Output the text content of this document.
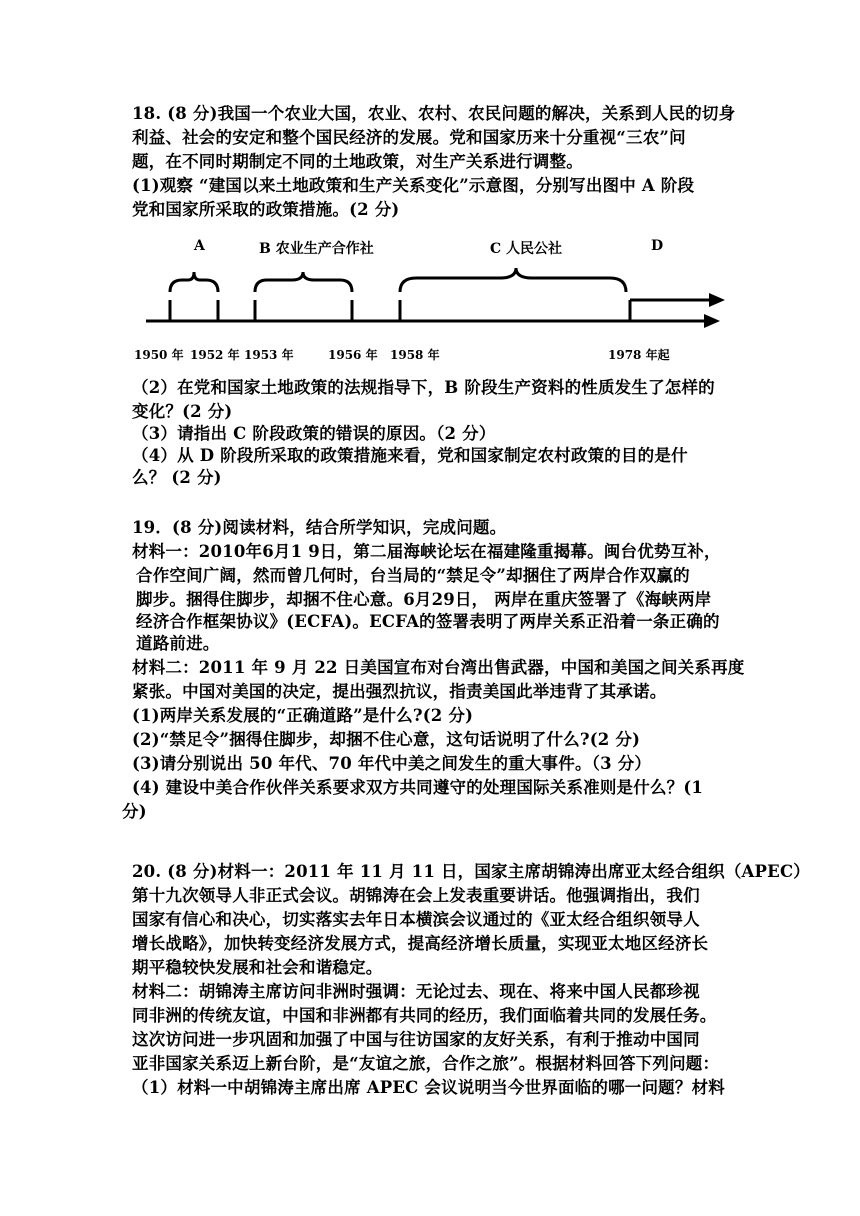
18. (8 分)我国一个农业大国，农业、农村、农民问题的解决，关系到人民的切身
利益、社会的安定和整个国民经济的发展。党和国家历来十分重视“三农”问
题，在不同时期制定不同的土地政策，对生产关系进行调整。
(1)观察 “建国以来土地政策和生产关系变化”示意图，分别写出图中 A 阶段
党和国家所采取的政策措施。(2 分)
A	B 农业生产合作社	C 人民公社	D
1950 年 1952 年 1953 年	1956 年 1958 年	1978 年起
（2）在党和国家土地政策的法规指导下，B 阶段生产资料的性质发生了怎样的
变化？(2 分)
（3）请指出 C 阶段政策的错误的原因。（2 分）
（4）从 D 阶段所采取的政策措施来看，党和国家制定农村政策的目的是什
么？ (2 分)
19．(8 分)阅读材料，结合所学知识，完成问题。
材料一：2010年6月1 9日，第二届海峡论坛在福建隆重揭幕。闽台优势互补，
合作空间广阔，然而曾几何时，台当局的“禁足令”却捆住了两岸合作双赢的
脚步。捆得住脚步，却捆不住心意。6月29日， 两岸在重庆签署了《海峡两岸
经济合作框架协议》(ECFA)。ECFA的签署表明了两岸关系正沿着一条正确的
道路前进。
材料二：2011 年 9 月 22 日美国宣布对台湾出售武器，中国和美国之间关系再度
紧张。中国对美国的决定，提出强烈抗议，指责美国此举违背了其承诺。
(1)两岸关系发展的“正确道路”是什么?(2 分)
(2)“禁足令”捆得住脚步，却捆不住心意，这句话说明了什么?(2 分)
(3)请分别说出 50 年代、70 年代中美之间发生的重大事件。（3 分）
(4) 建设中美合作伙伴关系要求双方共同遵守的处理国际关系准则是什么？(1
分)
20. (8 分)材料一：2011 年 11 月 11 日，国家主席胡锦涛出席亚太经合组织（APEC）
第十九次领导人非正式会议。胡锦涛在会上发表重要讲话。他强调指出，我们
国家有信心和决心，切实落实去年日本横滨会议通过的《亚太经合组织领导人
增长战略》，加快转变经济发展方式，提高经济增长质量，实现亚太地区经济长
期平稳较快发展和社会和谐稳定。
材料二：胡锦涛主席访问非洲时强调：无论过去、现在、将来中国人民都珍视
同非洲的传统友谊，中国和非洲都有共同的经历，我们面临着共同的发展任务。
这次访问进一步巩固和加强了中国与往访国家的友好关系，有利于推动中国同
亚非国家关系迈上新台阶，是“友谊之旅，合作之旅”。根据材料回答下列问题：
（1）材料一中胡锦涛主席出席 APEC 会议说明当今世界面临的哪一问题？材料
